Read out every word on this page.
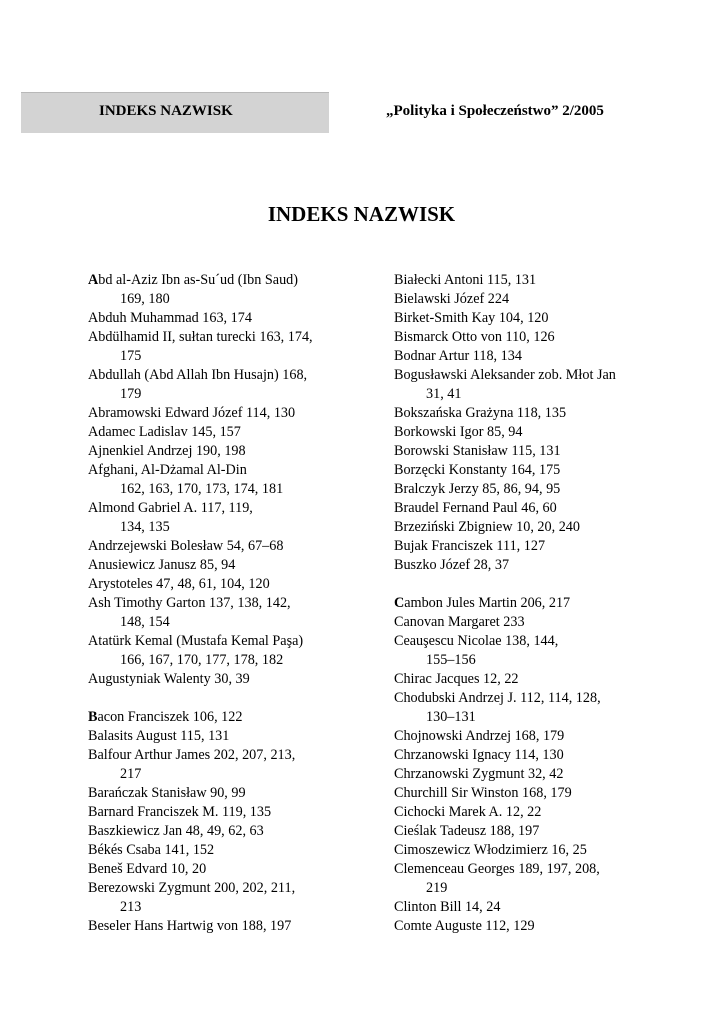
INDEKS NAZWISK	„Polityka i Społeczeństwo” 2/2005
INDEKS NAZWISK
Abd al-Aziz Ibn as-Su´ud (Ibn Saud)
169, 180
Abduh Muhammad 163, 174
Abdülhamid II, sułtan turecki 163, 174,
175
Abdullah (Abd Allah Ibn Husajn) 168,
179
Abramowski Edward Józef 114, 130
Adamec Ladislav 145, 157
Ajnenkiel Andrzej 190, 198
Afghani, Al-Dżamal Al-Din
162, 163, 170, 173, 174, 181
Almond Gabriel A. 117, 119,
134, 135
Andrzejewski Bolesław 54, 67–68
Anusiewicz Janusz 85, 94
Arystoteles 47, 48, 61, 104, 120
Ash Timothy Garton 137, 138, 142,
148, 154
Atatürk Kemal (Mustafa Kemal Paşa)
166, 167, 170, 177, 178, 182
Augustyniak Walenty 30, 39
Bacon Franciszek 106, 122
Balasits August 115, 131
Balfour Arthur James 202, 207, 213,
217
Barańczak Stanisław 90, 99
Barnard Franciszek M. 119, 135
Baszkiewicz Jan 48, 49, 62, 63
Békés Csaba 141, 152
Beneš Edvard 10, 20
Berezowski Zygmunt 200, 202, 211,
213
Beseler Hans Hartwig von 188, 197
Białecki Antoni 115, 131
Bielawski Józef 224
Birket-Smith Kay 104, 120
Bismarck Otto von 110, 126
Bodnar Artur 118, 134
Bogusławski Aleksander zob. Młot Jan
31, 41
Bokszańska Grażyna 118, 135
Borkowski Igor 85, 94
Borowski Stanisław 115, 131
Borzęcki Konstanty 164, 175
Bralczyk Jerzy 85, 86, 94, 95
Braudel Fernand Paul 46, 60
Brzeziński Zbigniew 10, 20, 240
Bujak Franciszek 111, 127
Buszko Józef 28, 37
Cambon Jules Martin 206, 217
Canovan Margaret 233
Ceauşescu Nicolae 138, 144,
155–156
Chirac Jacques 12, 22
Chodubski Andrzej J. 112, 114, 128,
130–131
Chojnowski Andrzej 168, 179
Chrzanowski Ignacy 114, 130
Chrzanowski Zygmunt 32, 42
Churchill Sir Winston 168, 179
Cichocki Marek A. 12, 22
Cieślak Tadeusz 188, 197
Cimoszewicz Włodzimierz 16, 25
Clemenceau Georges 189, 197, 208,
219
Clinton Bill 14, 24
Comte Auguste 112, 129
